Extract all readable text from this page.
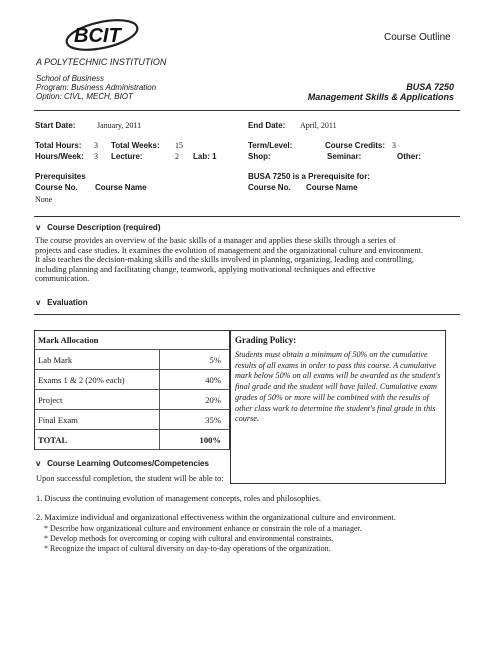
BCIT
A POLYTECHNIC INSTITUTION
School of Business
Program: Business Administration
Option: CIVL, MECH, BIOT
Course Outline
BUSA 7250
Management Skills & Applications
Start Date:	January, 2011	End Date: April, 2011
Total Hours: 3 Total Weeks: 15	Term/Level:	Course Credits: 3
Hours/Week: 3 Lecture:	2 Lab: 1	Shop:	Seminar:	Other:
Prerequisites
Course No. Course Name
None
BUSA 7250 is a Prerequisite for:
Course No. Course Name
v Course Description (required)
The course provides an overview of the basic skills of a manager and applies these skills through a series of
projects and case studies. It examines the evolution of management and the organizational culture and environment.
It also teaches the decision-making skills and the skills involved in planning, organizing, leading and controlling,
including planning and facilitating change, teamwork, applying motivational techniques and effective
communication.
v Evaluation
Mark Allocation	
Lab Mark	5%
Exams 1 & 2 (20% each)	40%
Project	20%
Final Exam	35%
TOTAL	100%
Grading Policy:
Students must obtain a minimum of 50% on the cumulative results of all exams in order to pass this course. A cumulative mark below 50% on all exams will be awarded as the student's final grade and the student will have failed. Cumulative exam grades of 50% or more will be combined with the results of other class work to determine the student's final grade in this course.
v Course Learning Outcomes/Competencies
Upon successful completion, the student will be able to:
1. Discuss the continuing evolution of management concepts, roles and philosophies.
2. Maximize individual and organizational effectiveness within the organizational culture and environment.
* Describe how organizational culture and environment enhance or constrain the role of a manager.
* Develop methods for overcoming or coping with cultural and environmental constraints.
* Recognize the impact of cultural diversity on day-to-day operations of the organization.
